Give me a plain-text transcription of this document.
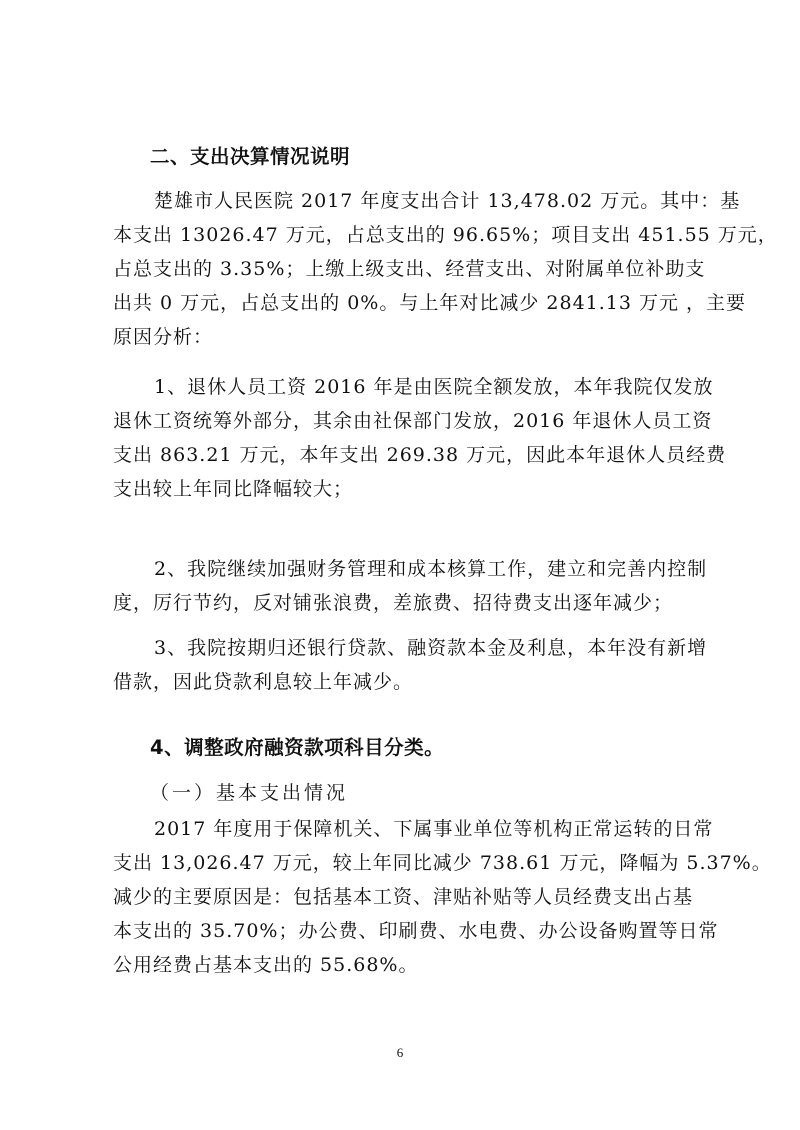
二、支出决算情况说明

楚雄市人民医院 2017 年度支出合计 13,478.02 万元。其中：基

本支出 13026.47 万元，占总支出的 96.65%；项目支出 451.55 万元，

占总支出的 3.35%；上缴上级支出、经营支出、对附属单位补助支

出共 0 万元，占总支出的 0%。与上年对比减少 2841.13 万元 ，主要

原因分析：

1、退休人员工资 2016 年是由医院全额发放，本年我院仅发放

退休工资统筹外部分，其余由社保部门发放，2016 年退休人员工资

支出 863.21 万元，本年支出 269.38 万元，因此本年退休人员经费

支出较上年同比降幅较大；

2、我院继续加强财务管理和成本核算工作，建立和完善内控制

度，厉行节约，反对铺张浪费，差旅费、招待费支出逐年减少；

3、我院按期归还银行贷款、融资款本金及利息，本年没有新增

借款，因此贷款利息较上年减少。

4、调整政府融资款项科目分类。

（一）基本支出情况

2017 年度用于保障机关、下属事业单位等机构正常运转的日常

支出 13,026.47 万元，较上年同比减少 738.61 万元，降幅为 5.37%。

减少的主要原因是：包括基本工资、津贴补贴等人员经费支出占基

本支出的 35.70%；办公费、印刷费、水电费、办公设备购置等日常

公用经费占基本支出的 55.68%。

6
